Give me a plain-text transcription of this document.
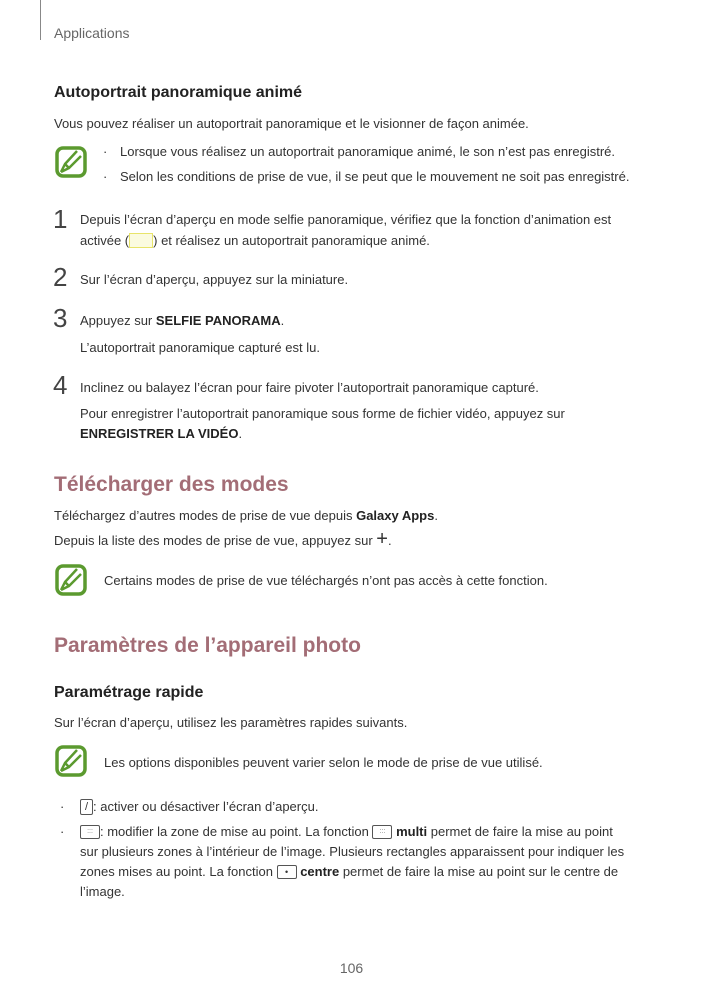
Applications
Autoportrait panoramique animé
Vous pouvez réaliser un autoportrait panoramique et le visionner de façon animée.
· Lorsque vous réalisez un autoportrait panoramique animé, le son n’est pas enregistré.
· Selon les conditions de prise de vue, il se peut que le mouvement ne soit pas enregistré.
1 Depuis l’écran d’aperçu en mode selfie panoramique, vérifiez que la fonction d’animation est
activée ( ) et réalisez un autoportrait panoramique animé.
2 Sur l’écran d’aperçu, appuyez sur la miniature.
3 Appuyez sur SELFIE PANORAMA.
L’autoportrait panoramique capturé est lu.
4 Inclinez ou balayez l’écran pour faire pivoter l’autoportrait panoramique capturé.
Pour enregistrer l’autoportrait panoramique sous forme de fichier vidéo, appuyez sur
ENREGISTRER LA VIDÉO.
Télécharger des modes
Téléchargez d’autres modes de prise de vue depuis Galaxy Apps.
Depuis la liste des modes de prise de vue, appuyez sur +.
Certains modes de prise de vue téléchargés n’ont pas accès à cette fonction.
Paramètres de l’appareil photo
Paramétrage rapide
Sur l’écran d’aperçu, utilisez les paramètres rapides suivants.
Les options disponibles peuvent varier selon le mode de prise de vue utilisé.
· / : activer ou désactiver l’écran d’aperçu.
·	::: : modifier la zone de mise au point. La fonction ::: multi permet de faire la mise au point
sur plusieurs zones à l’intérieur de l’image. Plusieurs rectangles apparaissent pour indiquer les
zones mises au point. La fonction • centre permet de faire la mise au point sur le centre de
l’image.
106
